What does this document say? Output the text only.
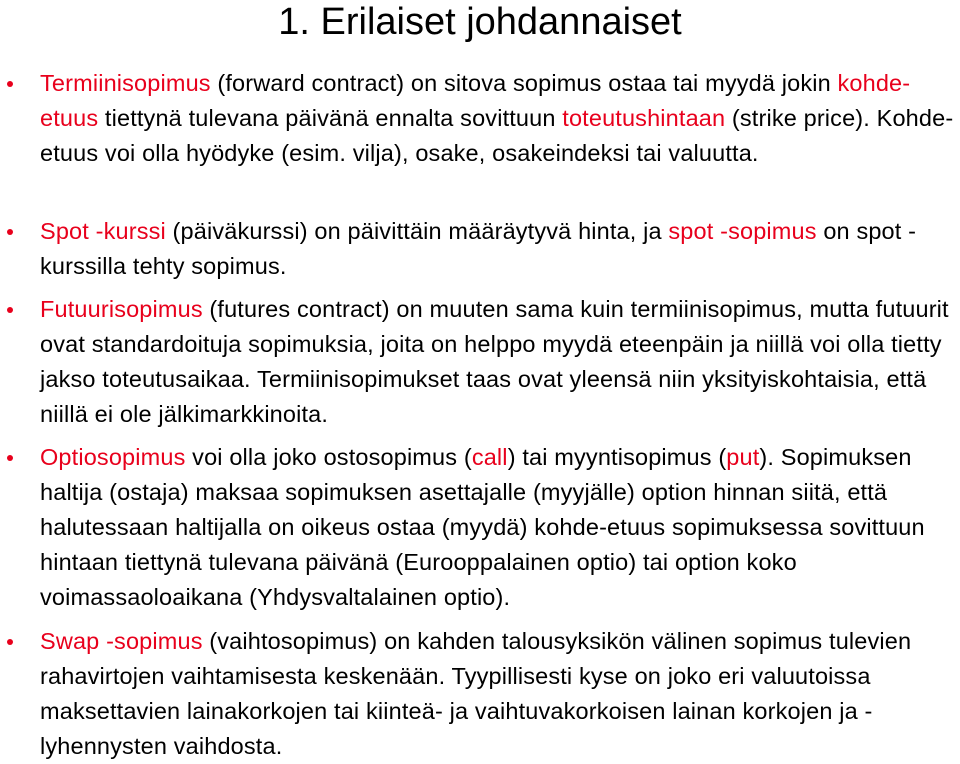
1. Erilaiset johdannaiset
Termiinisopimus (forward contract) on sitova sopimus ostaa tai myydä jokin kohde-etuus tiettynä tulevana päivänä ennalta sovittuun toteutushintaan (strike price). Kohde-etuus voi olla hyödyke (esim. vilja), osake, osakeindeksi tai valuutta.
Spot -kurssi (päiväkurssi) on päivittäin määräytyvä hinta, ja spot -sopimus on spot -kurssilla tehty sopimus.
Futuurisopimus (futures contract) on muuten sama kuin termiinisopimus, mutta futuurit ovat standardoituja sopimuksia, joita on helppo myydä eteenpäin ja niillä voi olla tietty jakso toteutusaikaa. Termiinisopimukset taas ovat yleensä niin yksityiskohtaisia, että niillä ei ole jälkimarkkinoita.
Optiosopimus voi olla joko ostosopimus (call) tai myyntisopimus (put). Sopimuksen haltija (ostaja) maksaa sopimuksen asettajalle (myyjälle) option hinnan siitä, että halutessaan haltijalla on oikeus ostaa (myydä) kohde-etuus sopimuksessa sovittuun hintaan tiettynä tulevana päivänä (Eurooppalainen optio) tai option koko voimassaoloaikana (Yhdysvaltalainen optio).
Swap -sopimus (vaihtosopimus) on kahden talousyksikön välinen sopimus tulevien rahavirtojen vaihtamisesta keskenään. Tyypillisesti kyse on joko eri valuutoissa maksettavien lainakorkojen tai kiinteä- ja vaihtuvakorkoisen lainan korkojen ja -lyhennysten vaihdosta.
